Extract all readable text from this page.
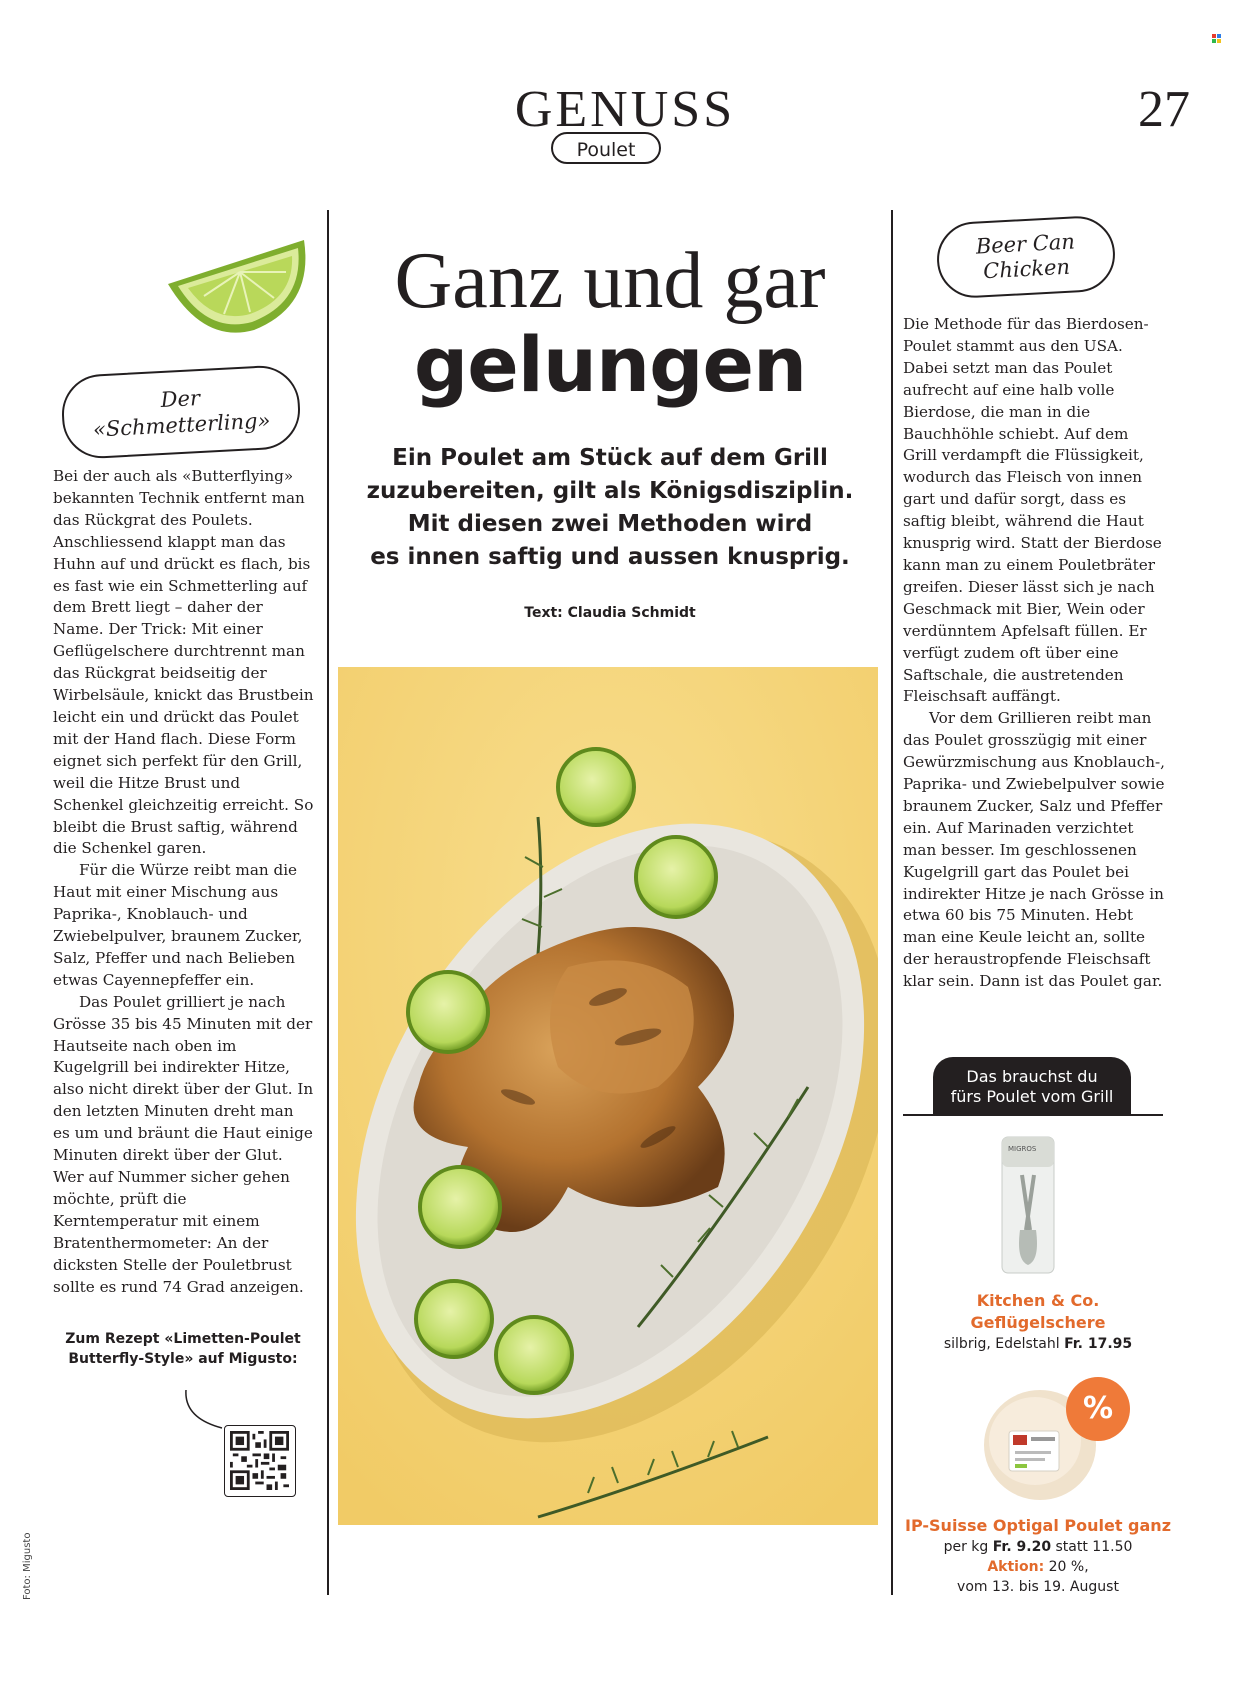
GENUSS	27
Poulet
Der
«Schmetterling»
Beer Can
Chicken
Ganz und gar
gelungen
Ein Poulet am Stück auf dem Grill
zuzubereiten, gilt als Königsdisziplin.
Mit diesen zwei Methoden wird
es innen saftig und aussen knusprig.
Text: Claudia Schmidt

Bei der auch als «Butterflying» bekannten Technik entfernt man das Rückgrat des Poulets. Anschliessend klappt man das Huhn auf und drückt es flach, bis es fast wie ein Schmetterling auf dem Brett liegt – daher der Name. Der Trick: Mit einer Geflügelschere durchtrennt man das Rückgrat beidseitig der Wirbelsäule, knickt das Brustbein leicht ein und drückt das Poulet mit der Hand flach. Diese Form eignet sich perfekt für den Grill, weil die Hitze Brust und Schenkel gleichzeitig erreicht. So bleibt die Brust saftig, während die Schenkel garen.

Für die Würze reibt man die Haut mit einer Mischung aus Paprika-, Knoblauch- und Zwiebelpulver, braunem Zucker, Salz, Pfeffer und nach Belieben etwas Cayennepfeffer ein.

Das Poulet grilliert je nach Grösse 35 bis 45 Minuten mit der Hautseite nach oben im Kugelgrill bei indirekter Hitze, also nicht direkt über der Glut. In den letzten Minuten dreht man es um und bräunt die Haut einige Minuten direkt über der Glut. Wer auf Nummer sicher gehen möchte, prüft die Kerntemperatur mit einem Bratenthermometer: An der dicksten Stelle der Pouletbrust sollte es rund 74 Grad anzeigen.

Zum Rezept «Limetten-Poulet Butterfly-Style» auf Migusto:
Foto: Migusto

Die Methode für das Bierdosen-Poulet stammt aus den USA. Dabei setzt man das Poulet aufrecht auf eine halb volle Bierdose, die man in die Bauchhöhle schiebt. Auf dem Grill verdampft die Flüssigkeit, wodurch das Fleisch von innen gart und dafür sorgt, dass es saftig bleibt, während die Haut knusprig wird. Statt der Bierdose kann man zu einem Pouletbräter greifen. Dieser lässt sich je nach Geschmack mit Bier, Wein oder verdünntem Apfelsaft füllen. Er verfügt zudem oft über eine Saftschale, die austretenden Fleischsaft auffängt.

Vor dem Grillieren reibt man das Poulet grosszügig mit einer Gewürzmischung aus Knoblauch-, Paprika- und Zwiebelpulver sowie braunem Zucker, Salz und Pfeffer ein. Auf Marinaden verzichtet man besser. Im geschlossenen Kugelgrill gart das Poulet bei indirekter Hitze je nach Grösse in etwa 60 bis 75 Minuten. Hebt man eine Keule leicht an, sollte der heraustropfende Fleischsaft klar sein. Dann ist das Poulet gar.

Das brauchst du
fürs Poulet vom Grill
MIGROS
Kitchen & Co.
Geflügelschere
silbrig, Edelstahl Fr. 17.95
%
IP-Suisse Optigal Poulet ganz
per kg Fr. 9.20 statt 11.50
Aktion: 20 %,
vom 13. bis 19. August
